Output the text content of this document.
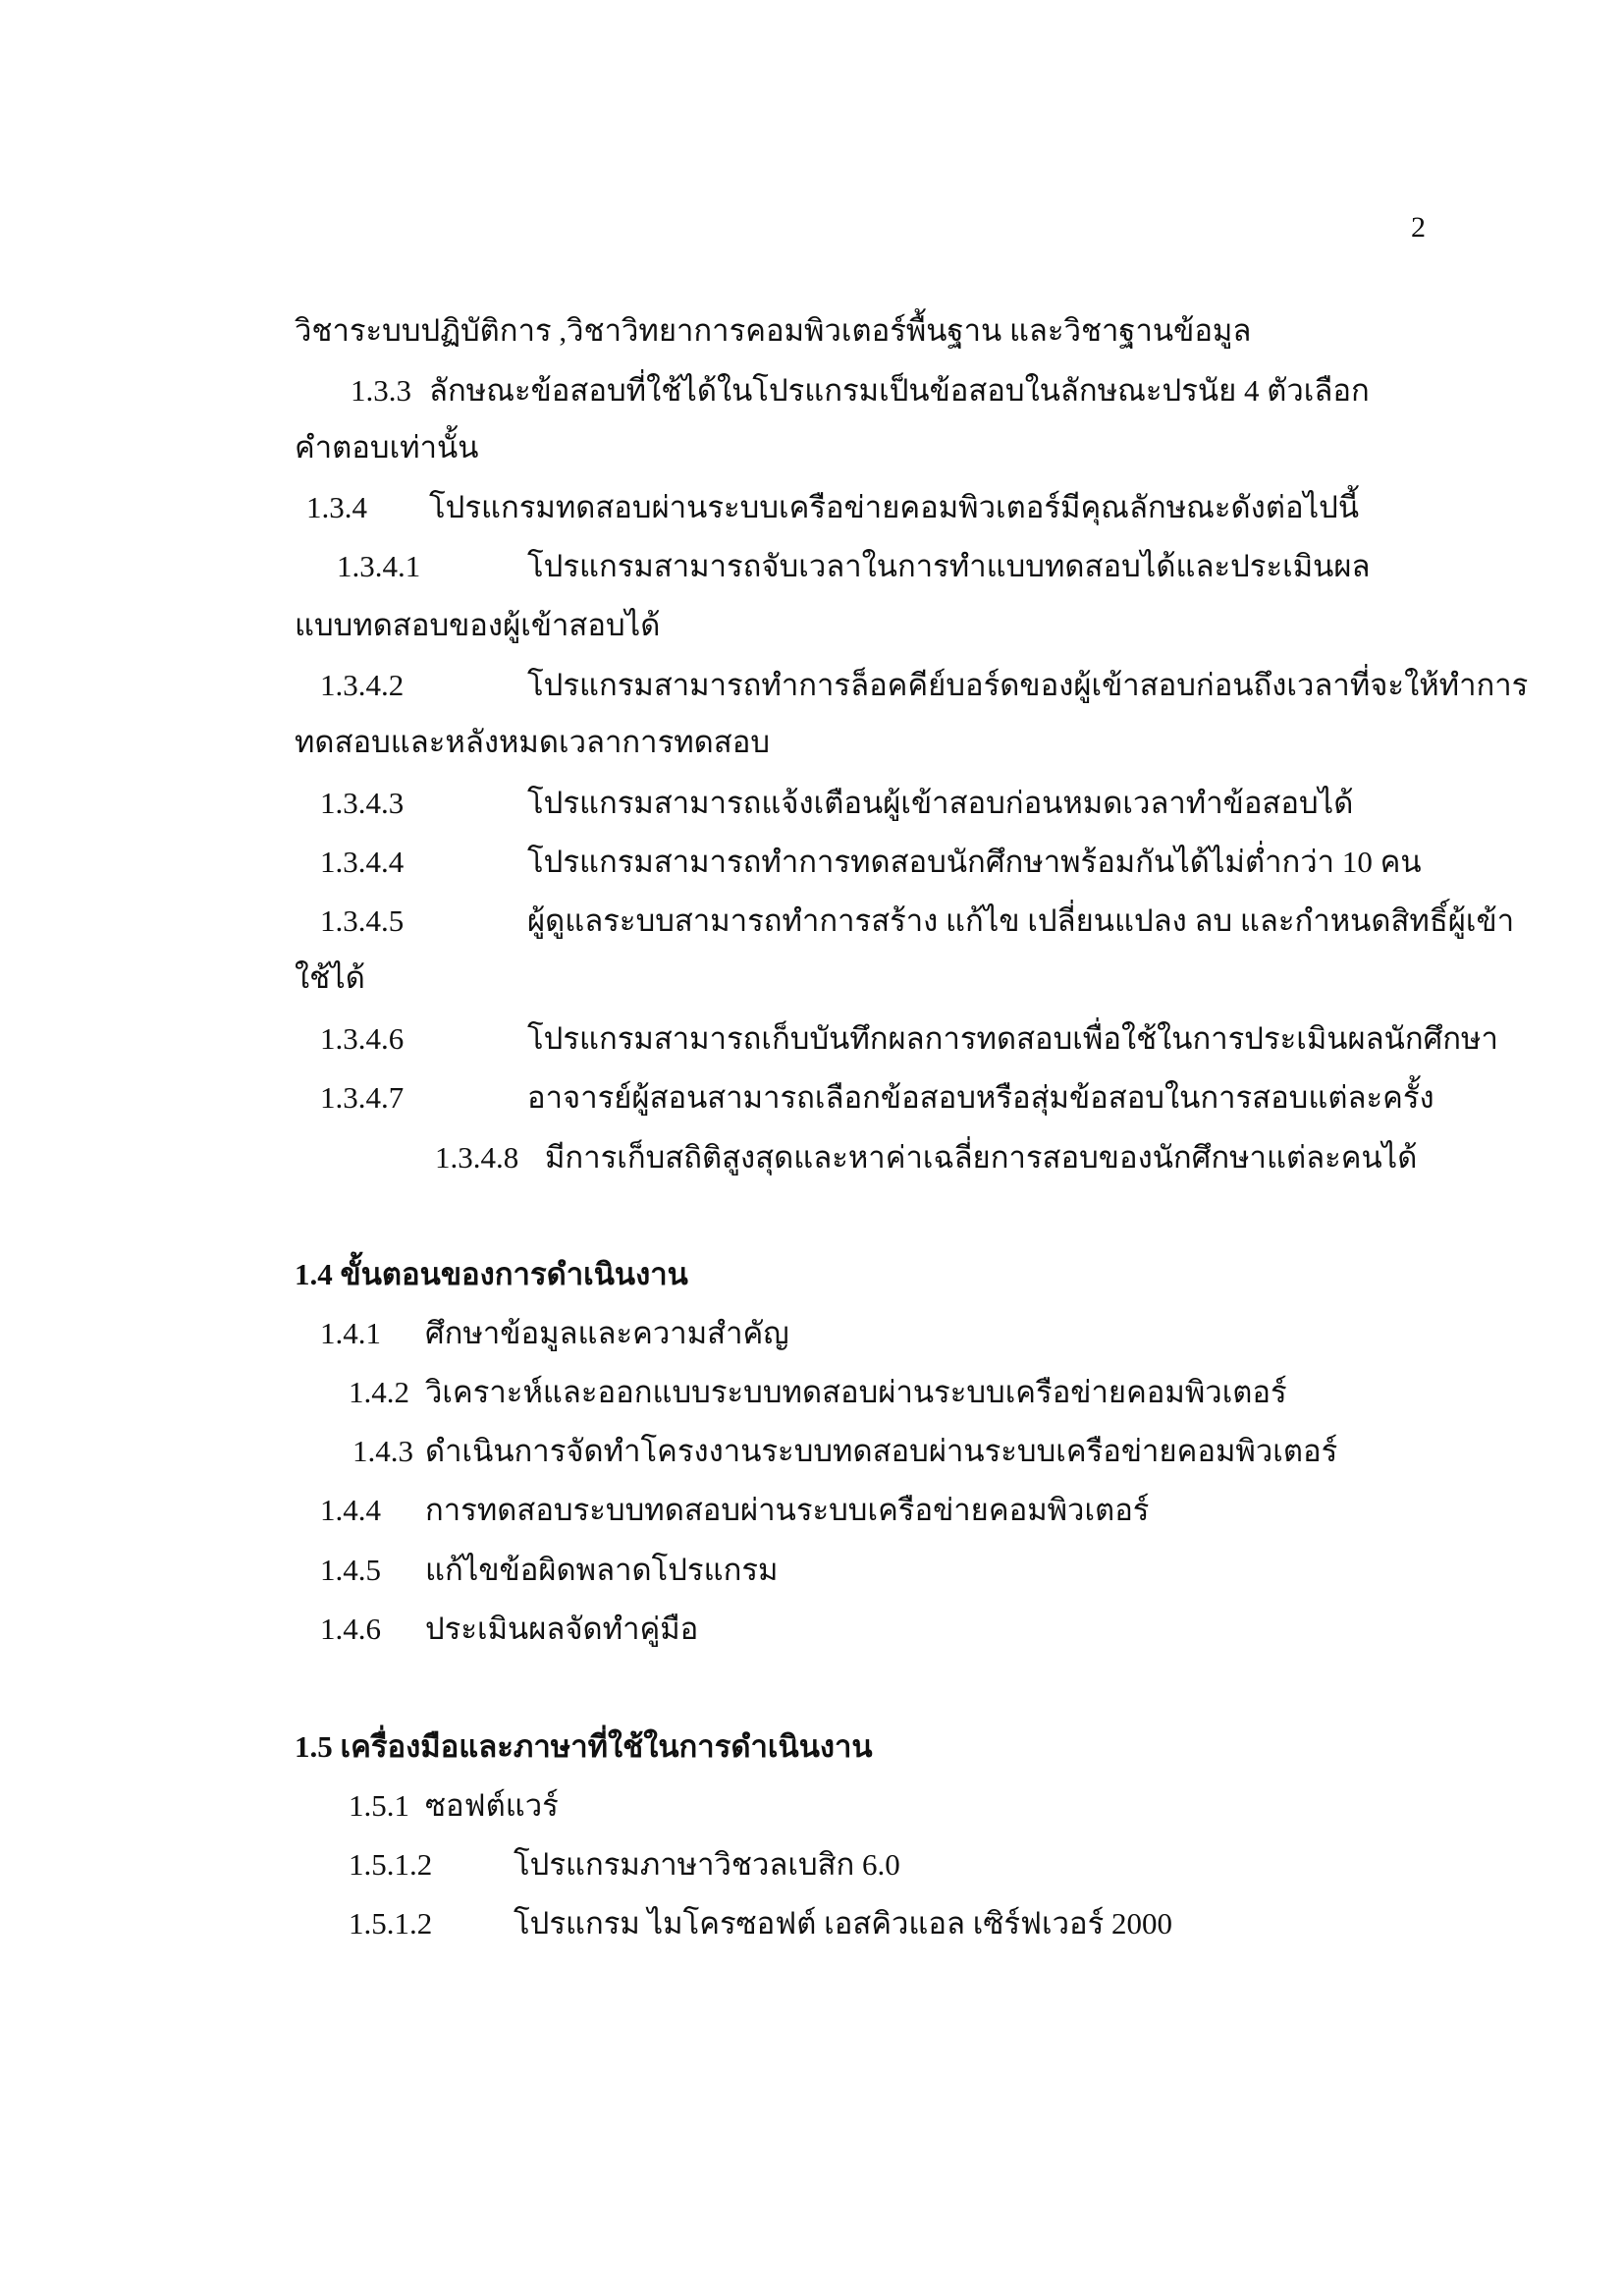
2
วิชาระบบปฏิบัติการ ,วิชาวิทยาการคอมพิวเตอร์พื้นฐาน และวิชาฐานข้อมูล
1.3.3 ลักษณะข้อสอบที่ใช้ได้ในโปรแกรมเป็นข้อสอบในลักษณะปรนัย 4 ตัวเลือก
คำตอบเท่านั้น
1.3.4 โปรแกรมทดสอบผ่านระบบเครือข่ายคอมพิวเตอร์มีคุณลักษณะดังต่อไปนี้
1.3.4.1	โปรแกรมสามารถจับเวลาในการทำแบบทดสอบได้และประเมินผล
แบบทดสอบของผู้เข้าสอบได้
1.3.4.2	โปรแกรมสามารถทำการล็อคคีย์บอร์ดของผู้เข้าสอบก่อนถึงเวลาที่จะให้ทำการ
ทดสอบและหลังหมดเวลาการทดสอบ
1.3.4.3	โปรแกรมสามารถแจ้งเตือนผู้เข้าสอบก่อนหมดเวลาทำข้อสอบได้
1.3.4.4	โปรแกรมสามารถทำการทดสอบนักศึกษาพร้อมกันได้ไม่ต่ำกว่า 10 คน
1.3.4.5	ผู้ดูแลระบบสามารถทำการสร้าง แก้ไข เปลี่ยนแปลง ลบ และกำหนดสิทธิ์ผู้เข้า
ใช้ได้
1.3.4.6	โปรแกรมสามารถเก็บบันทึกผลการทดสอบเพื่อใช้ในการประเมินผลนักศึกษา
1.3.4.7	อาจารย์ผู้สอนสามารถเลือกข้อสอบหรือสุ่มข้อสอบในการสอบแต่ละครั้ง
1.3.4.8 มีการเก็บสถิติสูงสุดและหาค่าเฉลี่ยการสอบของนักศึกษาแต่ละคนได้
1.4 ขั้นตอนของการดำเนินงาน
1.4.1 ศึกษาข้อมูลและความสำคัญ
1.4.2 วิเคราะห์และออกแบบระบบทดสอบผ่านระบบเครือข่ายคอมพิวเตอร์
1.4.3 ดำเนินการจัดทำโครงงานระบบทดสอบผ่านระบบเครือข่ายคอมพิวเตอร์
1.4.4 การทดสอบระบบทดสอบผ่านระบบเครือข่ายคอมพิวเตอร์
1.4.5 แก้ไขข้อผิดพลาดโปรแกรม
1.4.6 ประเมินผลจัดทำคู่มือ
1.5 เครื่องมือและภาษาที่ใช้ในการดำเนินงาน
1.5.1 ซอฟต์แวร์
1.5.1.2	โปรแกรมภาษาวิชวลเบสิก 6.0
1.5.1.2	โปรแกรม ไมโครซอฟต์ เอสคิวแอล เซิร์ฟเวอร์ 2000
